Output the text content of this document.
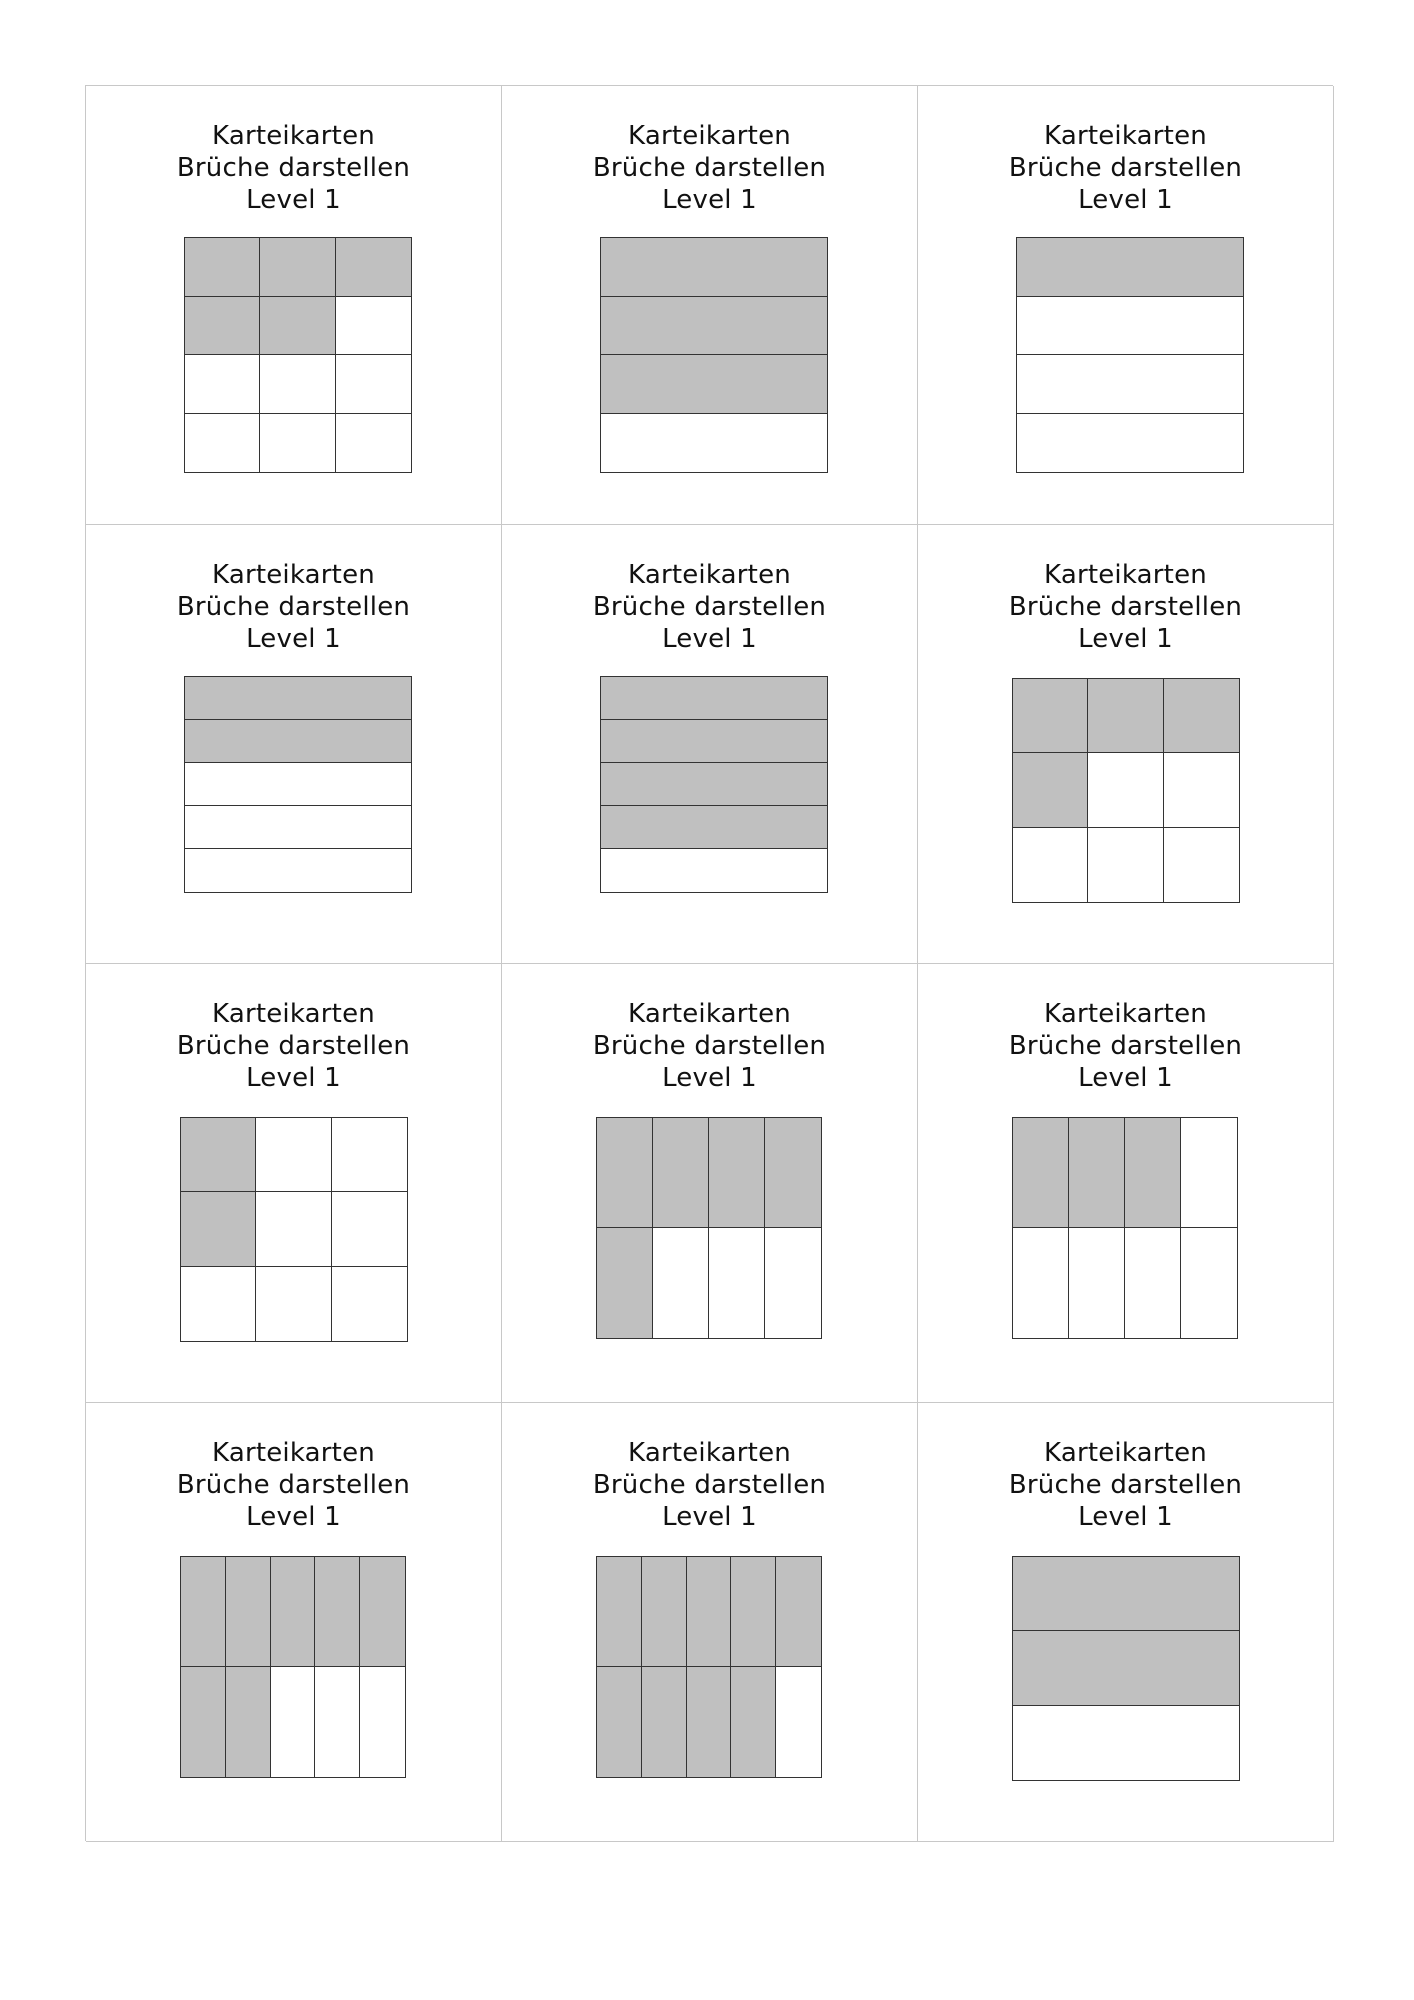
Karteikarten
Brüche darstellen
Level 1
Karteikarten
Brüche darstellen
Level 1
Karteikarten
Brüche darstellen
Level 1
Karteikarten
Brüche darstellen
Level 1
Karteikarten
Brüche darstellen
Level 1
Karteikarten
Brüche darstellen
Level 1
Karteikarten
Brüche darstellen
Level 1
Karteikarten
Brüche darstellen
Level 1
Karteikarten
Brüche darstellen
Level 1
Karteikarten
Brüche darstellen
Level 1
Karteikarten
Brüche darstellen
Level 1
Karteikarten
Brüche darstellen
Level 1
